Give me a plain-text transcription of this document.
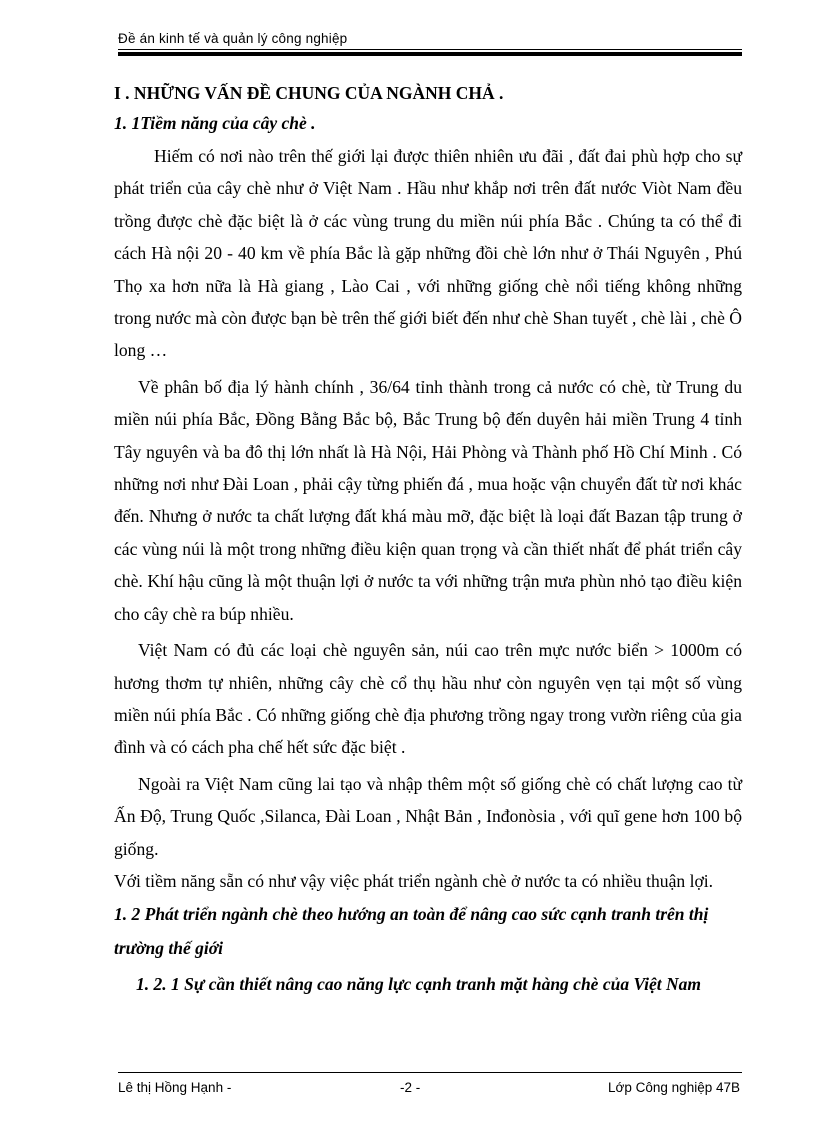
Đề án kinh tế và quản lý công nghiệp

I . NHỮNG VẤN ĐỀ CHUNG CỦA NGÀNH CHẢ .

1. 1Tiềm năng của cây chè .

Hiếm có nơi nào trên thế giới lại được thiên nhiên ưu đãi , đất đai phù hợp cho sự phát triển của cây chè như ở Việt Nam . Hầu như khắp nơi trên đất nước Viòt Nam đều trồng được chè đặc biệt là ở các vùng trung du miền núi phía Bắc . Chúng ta có thể đi cách Hà nội 20 - 40 km về phía Bắc là gặp những đồi chè lớn như ở Thái Nguyên , Phú Thọ xa hơn nữa là Hà giang , Lào Cai , với những giống chè nổi tiếng không những trong nước mà còn được bạn bè trên thế giới biết đến như chè Shan tuyết , chè lài , chè Ô long …

Về phân bố địa lý hành chính , 36/64 tỉnh thành trong cả nước có chè, từ Trung du miền núi phía Bắc, Đồng Bằng Bắc bộ, Bắc Trung bộ đến duyên hải miền Trung 4 tỉnh Tây nguyên và ba đô thị lớn nhất là Hà Nội, Hải Phòng và Thành phố Hồ Chí Minh . Có những nơi như Đài Loan , phải cậy từng phiến đá , mua hoặc vận chuyển đất từ nơi khác đến. Nhưng ở nước ta chất lượng đất khá màu mỡ, đặc biệt là loại đất Bazan tập trung ở các vùng núi là một trong những điều kiện quan trọng và cần thiết nhất để phát triển cây chè. Khí hậu cũng là một thuận lợi ở nước ta với những trận mưa phùn nhỏ tạo điều kiện cho cây chè ra búp nhiều.

Việt Nam có đủ các loại chè nguyên sản, núi cao trên mực nước biển > 1000m có hương thơm tự nhiên, những cây chè cổ thụ hầu như còn nguyên vẹn tại một số vùng miền núi phía Bắc . Có những giống chè địa phương trồng ngay trong vườn riêng của gia đình và có cách pha chế hết sức đặc biệt .

Ngoài ra Việt Nam cũng lai tạo và nhập thêm một số giống chè có chất lượng cao từ Ấn Độ, Trung Quốc ,Silanca, Đài Loan , Nhật Bản , Inđonòsia , với quĩ gene hơn 100 bộ giống.

Với tiềm năng sẵn có như vậy việc phát triển ngành chè ở nước ta có nhiều thuận lợi.

1. 2 Phát triển ngành chè theo hướng an toàn để nâng cao sức cạnh tranh trên thị trường thế giới

1. 2. 1 Sự cần thiết nâng cao năng lực cạnh tranh mặt hàng chè của Việt Nam

Lê thị Hồng Hạnh -	-2 -	Lớp Công nghiệp 47B
